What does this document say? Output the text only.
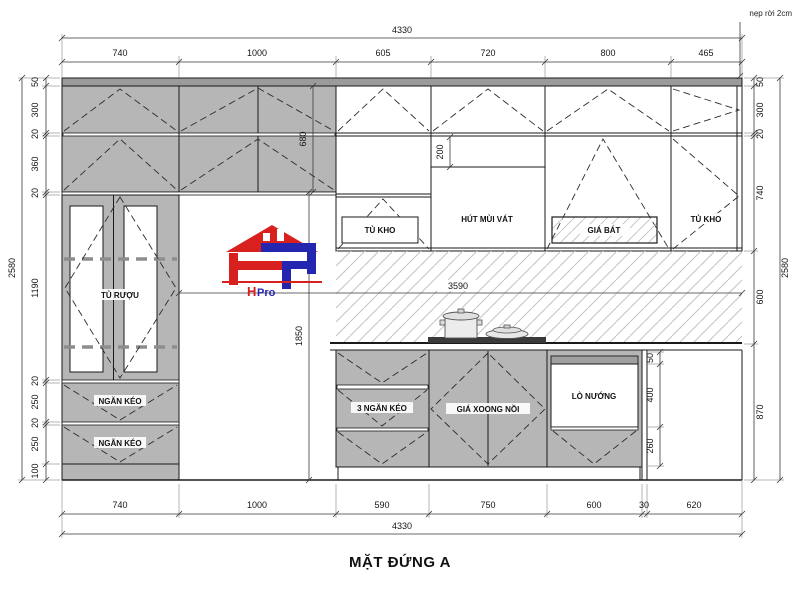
4330
740	1000	605	720	800	465
nẹp rời 2cm
50
300
20
360
20
1190
20
250
20
250
100
2580
50
300
20
740
600
870
2580
680
200
1850
3590
50
400
260
740	1000	590	750	600	30	620
4330
TỦ RƯỢU
NGĂN KÉO
NGĂN KÉO
TỦ KHO
HÚT MÙI VÁT
GIÁ BÁT
TỦ KHO
3 NGĂN KÉO	GIÁ XOONG NỒI
LÒ NƯỚNG
H Pro
MẶT ĐỨNG A
